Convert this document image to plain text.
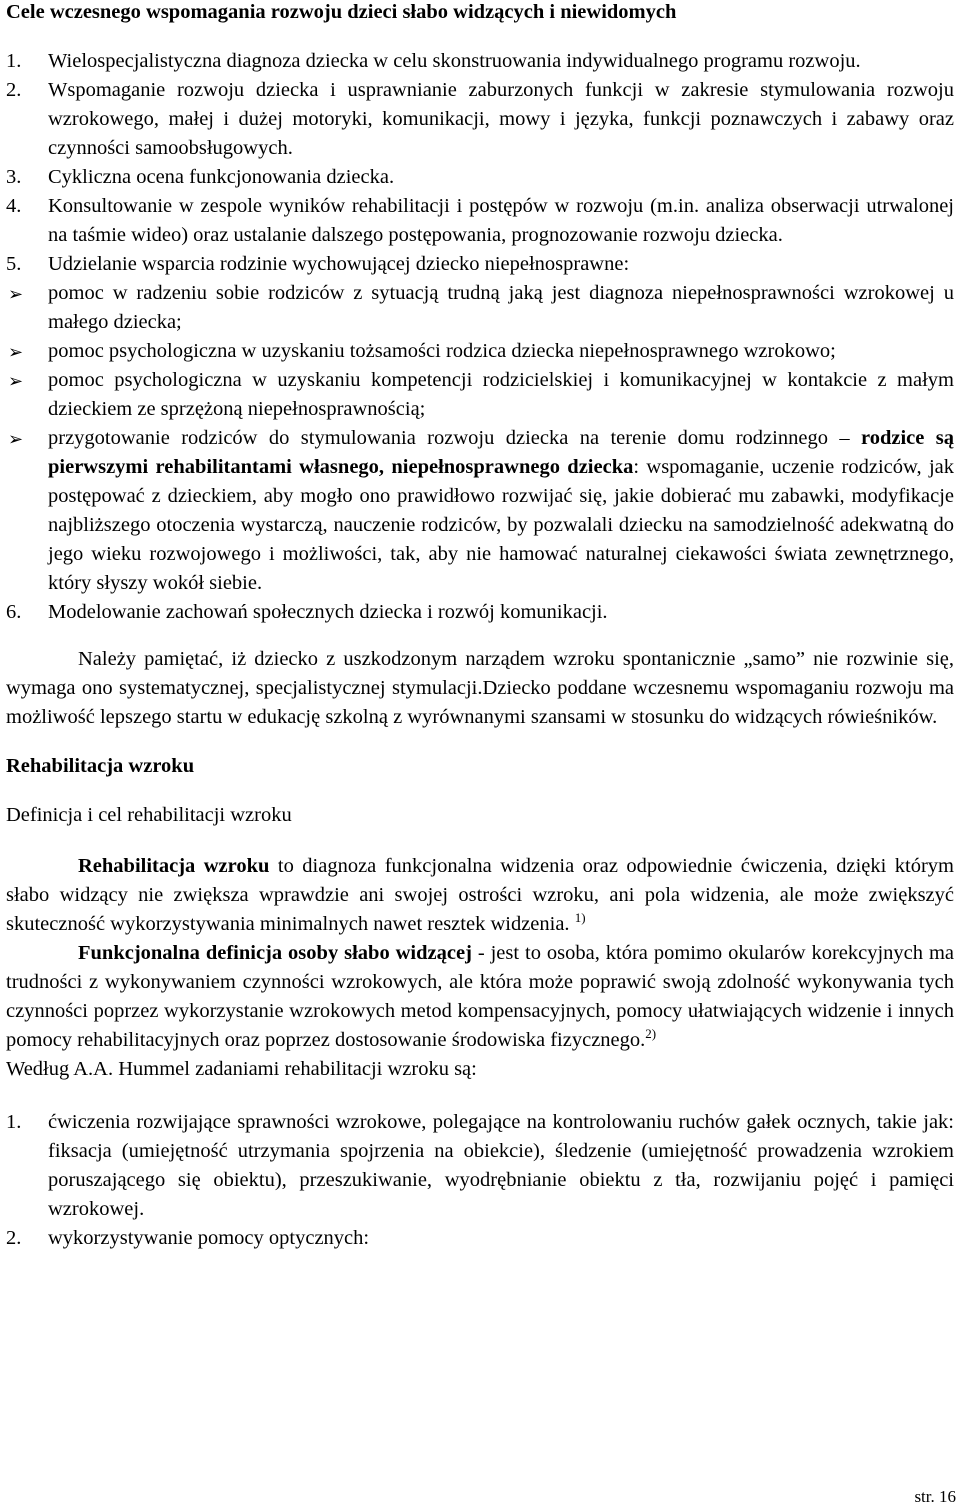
Cele wczesnego wspomagania rozwoju dzieci słabo widzących i niewidomych

1. Wielospecjalistyczna diagnoza dziecka w celu skonstruowania indywidualnego programu rozwoju.
2. Wspomaganie rozwoju dziecka i usprawnianie zaburzonych funkcji w zakresie stymulowania rozwoju wzrokowego, małej i dużej motoryki, komunikacji, mowy i języka, funkcji poznawczych i zabawy oraz czynności samoobsługowych.
3. Cykliczna ocena funkcjonowania dziecka.
4. Konsultowanie w zespole wyników rehabilitacji i postępów w rozwoju (m.in. analiza obserwacji utrwalonej na taśmie wideo) oraz ustalanie dalszego postępowania, prognozowanie rozwoju dziecka.
5. Udzielanie wsparcia rodzinie wychowującej dziecko niepełnosprawne:
➢ pomoc w radzeniu sobie rodziców z sytuacją trudną jaką jest diagnoza niepełnosprawności wzrokowej u małego dziecka;
➢ pomoc psychologiczna w uzyskaniu tożsamości rodzica dziecka niepełnosprawnego wzrokowo;
➢ pomoc psychologiczna w uzyskaniu kompetencji rodzicielskiej i komunikacyjnej w kontakcie z małym dzieckiem ze sprzężoną niepełnosprawnością;
➢ przygotowanie rodziców do stymulowania rozwoju dziecka na terenie domu rodzinnego – rodzice są pierwszymi rehabilitantami własnego, niepełnosprawnego dziecka: wspomaganie, uczenie rodziców, jak postępować z dzieckiem, aby mogło ono prawidłowo rozwijać się, jakie dobierać mu zabawki, modyfikacje najbliższego otoczenia wystarczą, nauczenie rodziców, by pozwalali dziecku na samodzielność adekwatną do jego wieku rozwojowego i możliwości, tak, aby nie hamować naturalnej ciekawości świata zewnętrznego, który słyszy wokół siebie.
6. Modelowanie zachowań społecznych dziecka i rozwój komunikacji.

Należy pamiętać, iż dziecko z uszkodzonym narządem wzroku spontanicznie „samo” nie rozwinie się, wymaga ono systematycznej, specjalistycznej stymulacji.Dziecko poddane wczesnemu wspomaganiu rozwoju ma możliwość lepszego startu w edukację szkolną z wyrównanymi szansami w stosunku do widzących rówieśników.

Rehabilitacja wzroku

Definicja i cel rehabilitacji wzroku

Rehabilitacja wzroku to diagnoza funkcjonalna widzenia oraz odpowiednie ćwiczenia, dzięki którym słabo widzący nie zwiększa wprawdzie ani swojej ostrości wzroku, ani pola widzenia, ale może zwiększyć skuteczność wykorzystywania minimalnych nawet resztek widzenia. $^{1)}$

Funkcjonalna definicja osoby słabo widzącej - jest to osoba, która pomimo okularów korekcyjnych ma trudności z wykonywaniem czynności wzrokowych, ale która może poprawić swoją zdolność wykonywania tych czynności poprzez wykorzystanie wzrokowych metod kompensacyjnych, pomocy ułatwiających widzenie i innych pomocy rehabilitacyjnych oraz poprzez dostosowanie środowiska fizycznego.$^{2)}$

Według A.A. Hummel zadaniami rehabilitacji wzroku są:

1. ćwiczenia rozwijające sprawności wzrokowe, polegające na kontrolowaniu ruchów gałek ocznych, takie jak: fiksacja (umiejętność utrzymania spojrzenia na obiekcie), śledzenie (umiejętność prowadzenia wzrokiem poruszającego się obiektu), przeszukiwanie, wyodrębnianie obiektu z tła, rozwijaniu pojęć i pamięci wzrokowej.
2. wykorzystywanie pomocy optycznych:
str. 16
